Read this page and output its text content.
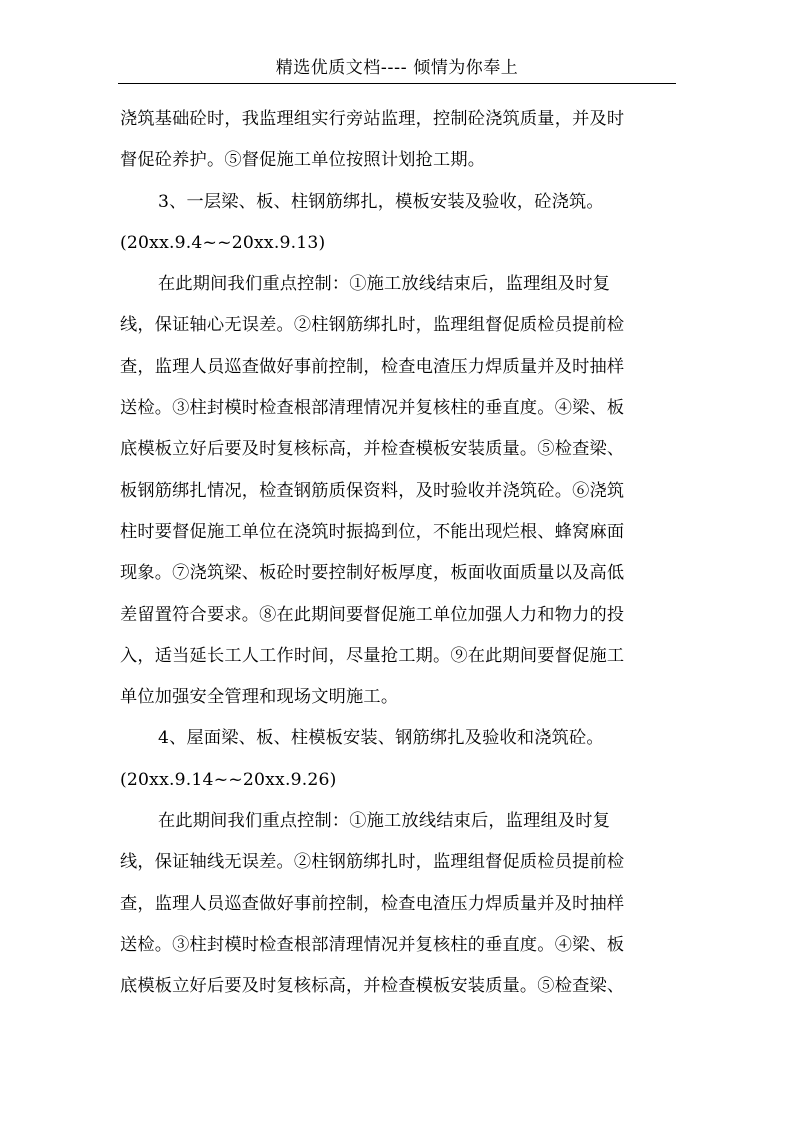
精选优质文档---- 倾情为你奉上
浇筑基础砼时，我监理组实行旁站监理，控制砼浇筑质量，并及时
督促砼养护。⑤督促施工单位按照计划抢工期。
3、一层梁、板、柱钢筋绑扎，模板安装及验收，砼浇筑。
(20xx.9.4~~20xx.9.13)
在此期间我们重点控制：①施工放线结束后，监理组及时复
线，保证轴心无误差。②柱钢筋绑扎时，监理组督促质检员提前检
查，监理人员巡查做好事前控制，检查电渣压力焊质量并及时抽样
送检。③柱封模时检查根部清理情况并复核柱的垂直度。④梁、板
底模板立好后要及时复核标高，并检查模板安装质量。⑤检查梁、
板钢筋绑扎情况，检查钢筋质保资料，及时验收并浇筑砼。⑥浇筑
柱时要督促施工单位在浇筑时振捣到位，不能出现烂根、蜂窝麻面
现象。⑦浇筑梁、板砼时要控制好板厚度，板面收面质量以及高低
差留置符合要求。⑧在此期间要督促施工单位加强人力和物力的投
入，适当延长工人工作时间，尽量抢工期。⑨在此期间要督促施工
单位加强安全管理和现场文明施工。
4、屋面梁、板、柱模板安装、钢筋绑扎及验收和浇筑砼。
(20xx.9.14~~20xx.9.26)
在此期间我们重点控制：①施工放线结束后，监理组及时复
线，保证轴线无误差。②柱钢筋绑扎时，监理组督促质检员提前检
查，监理人员巡查做好事前控制，检查电渣压力焊质量并及时抽样
送检。③柱封模时检查根部清理情况并复核柱的垂直度。④梁、板
底模板立好后要及时复核标高，并检查模板安装质量。⑤检查梁、
